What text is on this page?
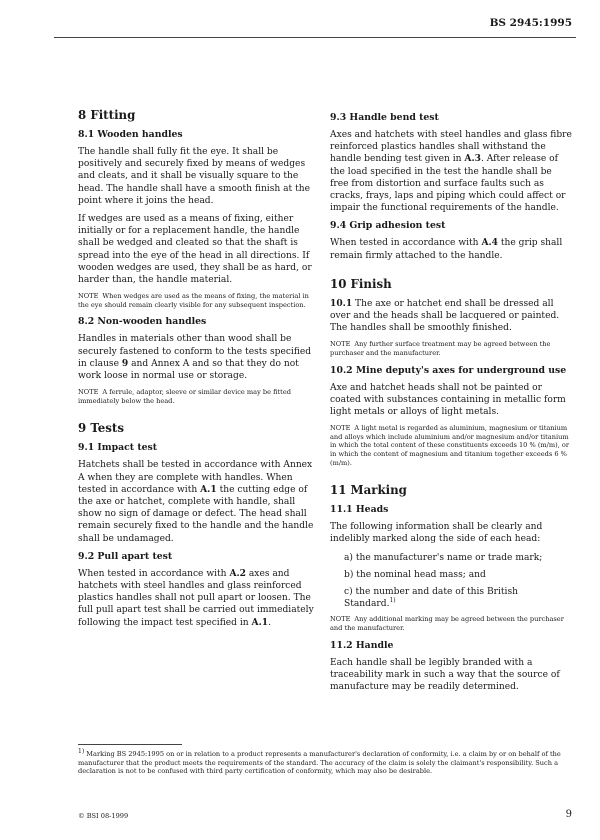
BS 2945:1995
8 Fitting
8.1 Wooden handles

The handle shall fully fit the eye. It shall be positively and securely fixed by means of wedges and cleats, and it shall be visually square to the head. The handle shall have a smooth finish at the point where it joins the head.

If wedges are used as a means of fixing, either initially or for a replacement handle, the handle shall be wedged and cleated so that the shaft is spread into the eye of the head in all directions. If wooden wedges are used, they shall be as hard, or harder than, the handle material.

NOTE When wedges are used as the means of fixing, the material in the eye should remain clearly visible for any subsequent inspection.

8.2 Non-wooden handles

Handles in materials other than wood shall be securely fastened to conform to the tests specified in clause 9 and Annex A and so that they do not work loose in normal use or storage.

NOTE A ferrule, adaptor, sleeve or similar device may be fitted immediately below the head.

9 Tests
9.1 Impact test

Hatchets shall be tested in accordance with Annex A when they are complete with handles. When tested in accordance with A.1 the cutting edge of the axe or hatchet, complete with handle, shall show no sign of damage or defect. The head shall remain securely fixed to the handle and the handle shall be undamaged.

9.2 Pull apart test

When tested in accordance with A.2 axes and hatchets with steel handles and glass reinforced plastics handles shall not pull apart or loosen. The full pull apart test shall be carried out immediately following the impact test specified in A.1.

9.3 Handle bend test

Axes and hatchets with steel handles and glass fibre reinforced plastics handles shall withstand the handle bending test given in A.3. After release of the load specified in the test the handle shall be free from distortion and surface faults such as cracks, frays, laps and piping which could affect or impair the functional requirements of the handle.

9.4 Grip adhesion test

When tested in accordance with A.4 the grip shall remain firmly attached to the handle.

10 Finish

10.1 The axe or hatchet end shall be dressed all over and the heads shall be lacquered or painted. The handles shall be smoothly finished.

NOTE Any further surface treatment may be agreed between the purchaser and the manufacturer.

10.2 Mine deputy's axes for underground use

Axe and hatchet heads shall not be painted or coated with substances containing in metallic form light metals or alloys of light metals.

NOTE A light metal is regarded as aluminium, magnesium or titanium and alloys which include aluminium and/or magnesium and/or titanium in which the total content of these constituents exceeds 10 % (m/m), or in which the content of magnesium and titanium together exceeds 6 % (m/m).

11 Marking
11.1 Heads

The following information shall be clearly and indelibly marked along the side of each head:

a) the manufacturer's name or trade mark;
b) the nominal head mass; and
c) the number and date of this British Standard.$^{1)}$

NOTE Any additional marking may be agreed between the purchaser and the manufacturer.

11.2 Handle

Each handle shall be legibly branded with a traceability mark in such a way that the source of manufacture may be readily determined.

$^{1)}$ Marking BS 2945:1995 on or in relation to a product represents a manufacturer's declaration of conformity, i.e. a claim by or on behalf of the manufacturer that the product meets the requirements of the standard. The accuracy of the claim is solely the claimant's responsibility. Such a declaration is not to be confused with third party certification of conformity, which may also be desirable.
© BSI 08-1999	9
